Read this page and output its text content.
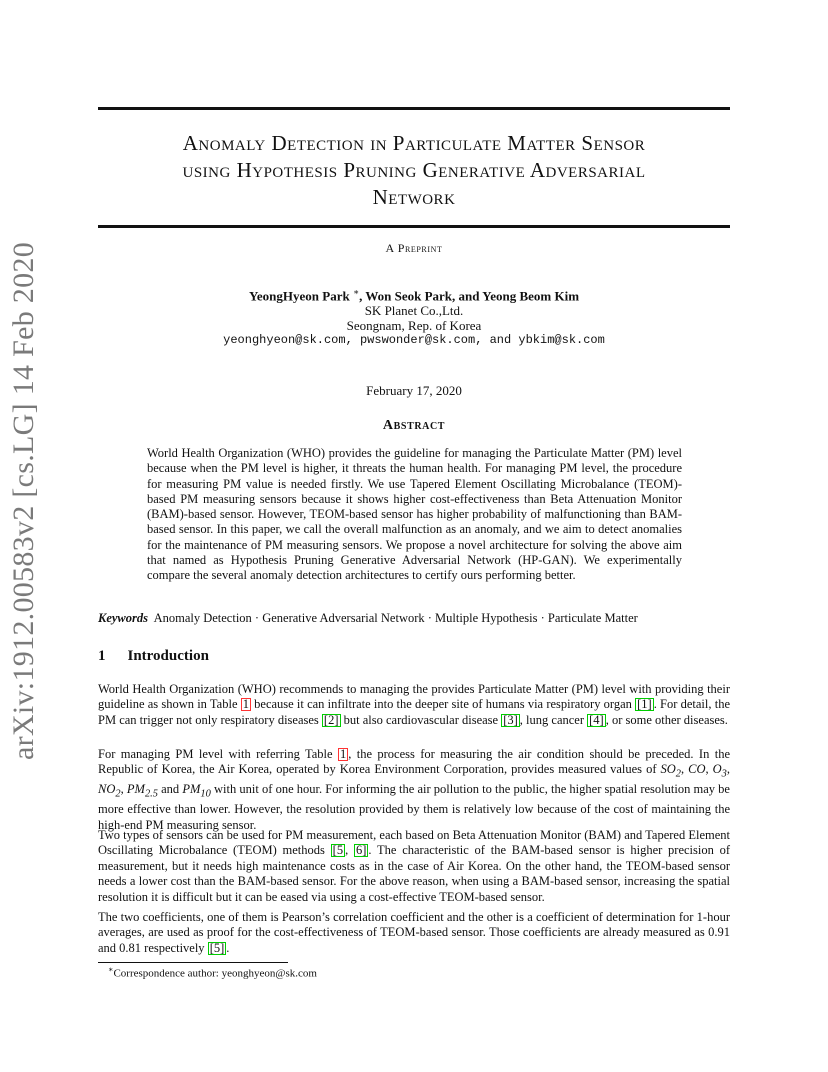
arXiv:1912.00583v2 [cs.LG] 14 Feb 2020
Anomaly Detection in Particulate Matter Sensor
using Hypothesis Pruning Generative Adversarial
Network
A Preprint
YeongHyeon Park ∗, Won Seok Park, and Yeong Beom Kim
SK Planet Co.,Ltd.
Seongnam, Rep. of Korea
yeonghyeon@sk.com, pwswonder@sk.com, and ybkim@sk.com
February 17, 2020
Abstract
World Health Organization (WHO) provides the guideline for managing the Particulate Matter (PM) level because when the PM level is higher, it threats the human health. For managing PM level, the procedure for measuring PM value is needed firstly. We use Tapered Element Oscillating Microbalance (TEOM)-based PM measuring sensors because it shows higher cost-effectiveness than Beta Attenuation Monitor (BAM)-based sensor. However, TEOM-based sensor has higher probability of malfunctioning than BAM-based sensor. In this paper, we call the overall malfunction as an anomaly, and we aim to detect anomalies for the maintenance of PM measuring sensors. We propose a novel architecture for solving the above aim that named as Hypothesis Pruning Generative Adversarial Network (HP-GAN). We experimentally compare the several anomaly detection architectures to certify ours performing better.
Keywords Anomaly Detection · Generative Adversarial Network · Multiple Hypothesis · Particulate Matter
1 Introduction
World Health Organization (WHO) recommends to managing the provides Particulate Matter (PM) level with providing their guideline as shown in Table 1 because it can infiltrate into the deeper site of humans via respiratory organ [1] . For detail, the PM can trigger not only respiratory diseases [2] but also cardiovascular disease [3] , lung cancer [4] , or some other diseases.
For managing PM level with referring Table 1 , the process for measuring the air condition should be preceded. In the Republic of Korea, the Air Korea, operated by Korea Environment Corporation, provides measured values of $SO_2$, CO, $O_3$, $NO_2$, $PM_{2.5}$ and $PM_{10}$ with unit of one hour. For informing the air pollution to the public, the higher spatial resolution may be more effective than lower. However, the resolution provided by them is relatively low because of the cost of maintaining the high-end PM measuring sensor.
Two types of sensors can be used for PM measurement, each based on Beta Attenuation Monitor (BAM) and Tapered Element Oscillating Microbalance (TEOM) methods [5 , 6] . The characteristic of the BAM-based sensor is higher precision of measurement, but it needs high maintenance costs as in the case of Air Korea. On the other hand, the TEOM-based sensor needs a lower cost than the BAM-based sensor. For the above reason, when using a BAM-based sensor, increasing the spatial resolution it is difficult but it can be eased via using a cost-effective TEOM-based sensor.
The two coefficients, one of them is Pearson’s correlation coefficient and the other is a coefficient of determination for 1-hour averages, are used as proof for the cost-effectiveness of TEOM-based sensor. Those coefficients are already measured as 0.91 and 0.81 respectively [5] .
∗Correspondence author: yeonghyeon@sk.com
